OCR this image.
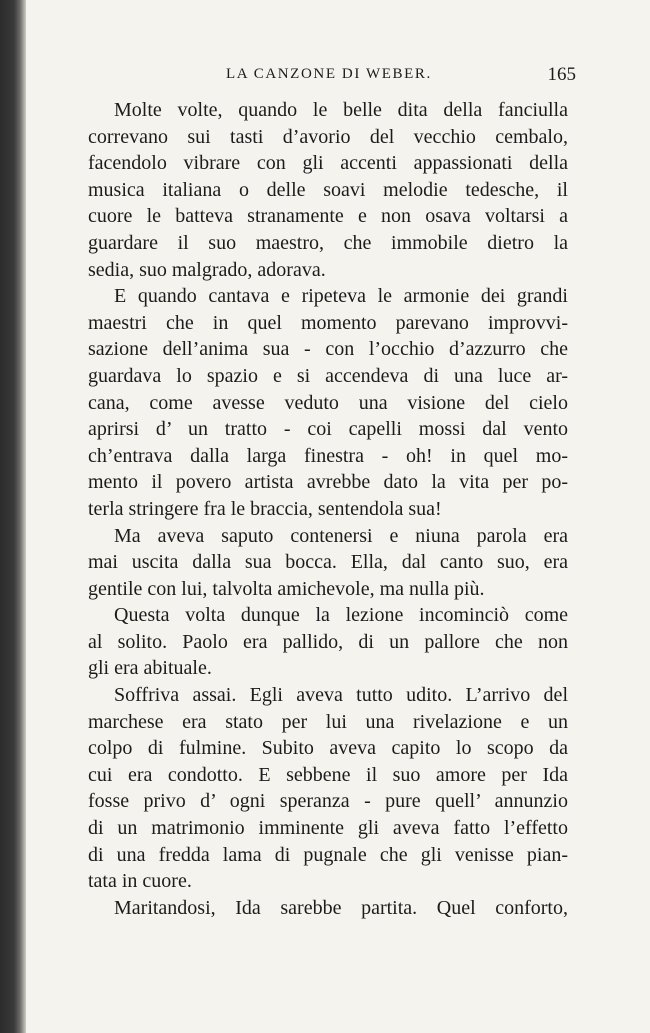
LA CANZONE DI WEBER.	165
Molte volte, quando le belle dita della fanciulla
correvano sui tasti d’avorio del vecchio cembalo,
facendolo vibrare con gli accenti appassionati della
musica italiana o delle soavi melodie tedesche, il
cuore le batteva stranamente e non osava voltarsi a
guardare il suo maestro, che immobile dietro la
sedia, suo malgrado, adorava.
E quando cantava e ripeteva le armonie dei grandi
maestri che in quel momento parevano improvvi-
sazione dell’anima sua - con l’occhio d’azzurro che
guardava lo spazio e si accendeva di una luce ar-
cana, come avesse veduto una visione del cielo
aprirsi d’ un tratto - coi capelli mossi dal vento
ch’entrava dalla larga finestra - oh! in quel mo-
mento il povero artista avrebbe dato la vita per po-
terla stringere fra le braccia, sentendola sua!
Ma aveva saputo contenersi e niuna parola era
mai uscita dalla sua bocca. Ella, dal canto suo, era
gentile con lui, talvolta amichevole, ma nulla più.
Questa volta dunque la lezione incominciò come
al solito. Paolo era pallido, di un pallore che non
gli era abituale.
Soffriva assai. Egli aveva tutto udito. L’arrivo del
marchese era stato per lui una rivelazione e un
colpo di fulmine. Subito aveva capito lo scopo da
cui era condotto. E sebbene il suo amore per Ida
fosse privo d’ ogni speranza - pure quell’ annunzio
di un matrimonio imminente gli aveva fatto l’effetto
di una fredda lama di pugnale che gli venisse pian-
tata in cuore.
Maritandosi, Ida sarebbe partita. Quel conforto,
